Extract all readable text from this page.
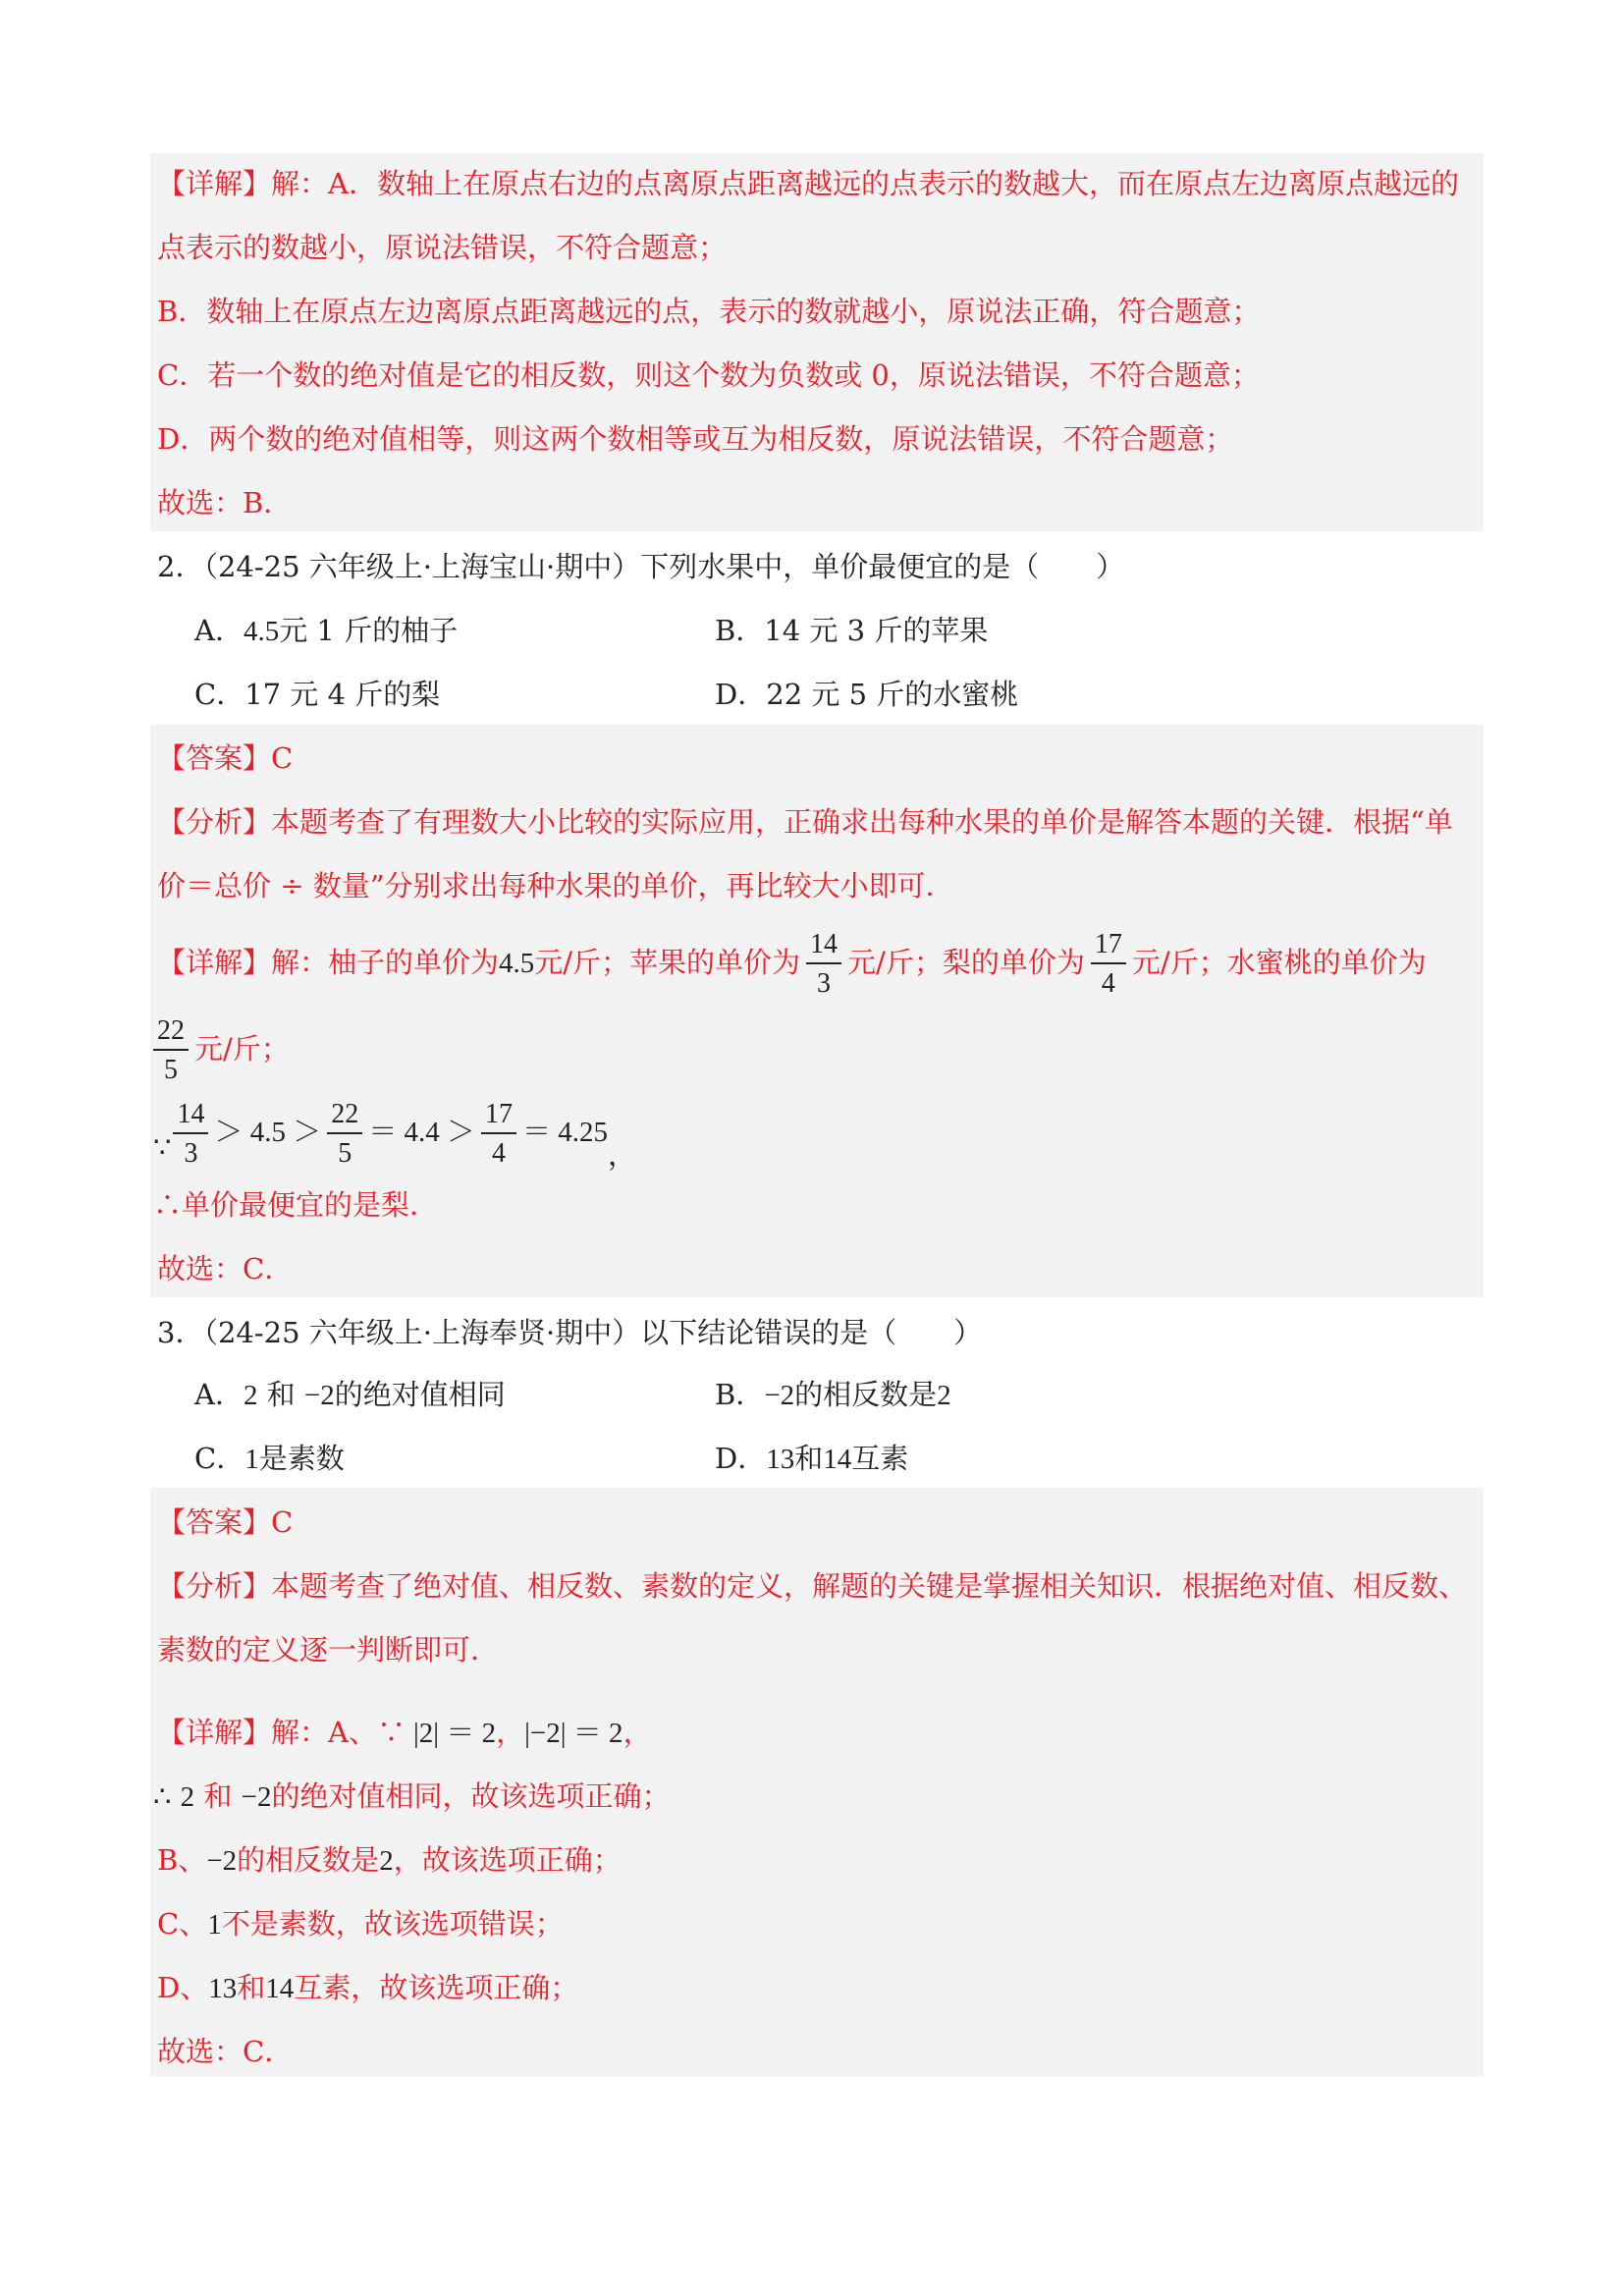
【详解】解：A．数轴上在原点右边的点离原点距离越远的点表示的数越大，而在原点左边离原点越远的
点表示的数越小，原说法错误，不符合题意；
B．数轴上在原点左边离原点距离越远的点，表示的数就越小，原说法正确，符合题意；
C．若一个数的绝对值是它的相反数，则这个数为负数或 0，原说法错误，不符合题意；
D．两个数的绝对值相等，则这两个数相等或互为相反数，原说法错误，不符合题意；
故选：B．
2．（24-25 六年级上·上海宝山·期中）下列水果中，单价最便宜的是（　　）
A．4.5元 1 斤的柚子	B．14 元 3 斤的苹果
C．17 元 4 斤的梨	D．22 元 5 斤的水蜜桃
【答案】C
【分析】本题考查了有理数大小比较的实际应用，正确求出每种水果的单价是解答本题的关键．根据“单
价＝总价 ÷ 数量”分别求出每种水果的单价，再比较大小即可．
【详解】解：柚子的单价为4.5元/斤；苹果的单价为 $\frac{14}{3}$ 元/斤；梨的单价为 $\frac{17}{4}$ 元/斤；水蜜桃的单价为
$\frac{22}{5}$ 元/斤；
∵ $\frac{14}{3} > 4.5 > \frac{22}{5} = 4.4 > \frac{17}{4} = 4.25$，
∴单价最便宜的是梨．
故选：C．
3．（24-25 六年级上·上海奉贤·期中）以下结论错误的是（　　）
A．2 和 −2的绝对值相同	B．−2的相反数是2
C．1是素数	D．13和14互素
【答案】C
【分析】本题考查了绝对值、相反数、素数的定义，解题的关键是掌握相关知识．根据绝对值、相反数、
素数的定义逐一判断即可．
【详解】解：A、∵ |2| ＝ 2，|−2| ＝ 2，
∴ 2 和 −2的绝对值相同，故该选项正确；
B、−2的相反数是2，故该选项正确；
C、1不是素数，故该选项错误；
D、13和14互素，故该选项正确；
故选：C．
